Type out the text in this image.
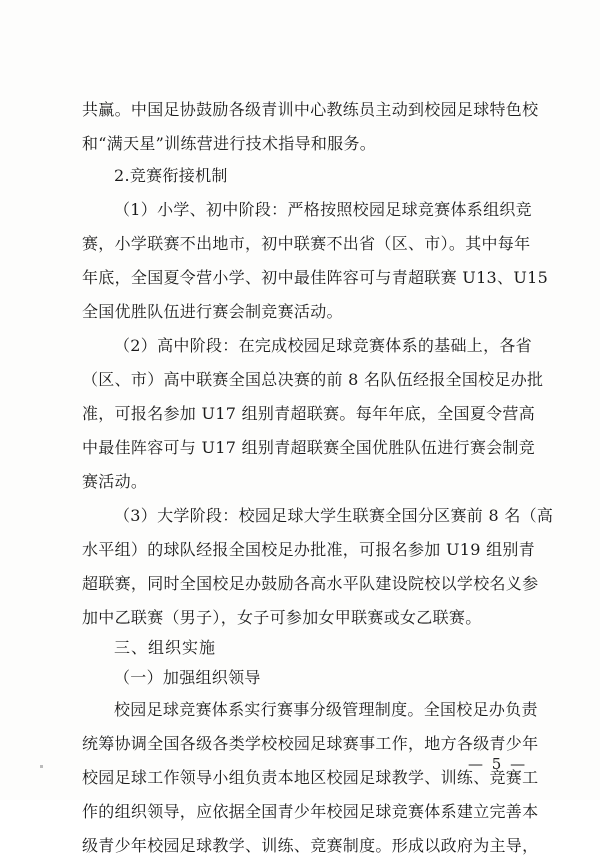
共赢。中国足协鼓励各级青训中心教练员主动到校园足球特色校
和“满天星”训练营进行技术指导和服务。
2.竞赛衔接机制
（1）小学、初中阶段：严格按照校园足球竞赛体系组织竞
赛，小学联赛不出地市，初中联赛不出省（区、市）。其中每年
年底，全国夏令营小学、初中最佳阵容可与青超联赛 U13、U15
全国优胜队伍进行赛会制竞赛活动。
（2）高中阶段：在完成校园足球竞赛体系的基础上，各省
（区、市）高中联赛全国总决赛的前 8 名队伍经报全国校足办批
准，可报名参加 U17 组别青超联赛。每年年底，全国夏令营高
中最佳阵容可与 U17 组别青超联赛全国优胜队伍进行赛会制竞
赛活动。
（3）大学阶段：校园足球大学生联赛全国分区赛前 8 名（高
水平组）的球队经报全国校足办批准，可报名参加 U19 组别青
超联赛，同时全国校足办鼓励各高水平队建设院校以学校名义参
加中乙联赛（男子），女子可参加女甲联赛或女乙联赛。
三、组织实施
（一）加强组织领导
校园足球竞赛体系实行赛事分级管理制度。全国校足办负责
统筹协调全国各级各类学校校园足球赛事工作，地方各级青少年
校园足球工作领导小组负责本地区校园足球教学、训练、竞赛工
作的组织领导，应依据全国青少年校园足球竞赛体系建立完善本
级青少年校园足球教学、训练、竞赛制度。形成以政府为主导，
— 5 —
